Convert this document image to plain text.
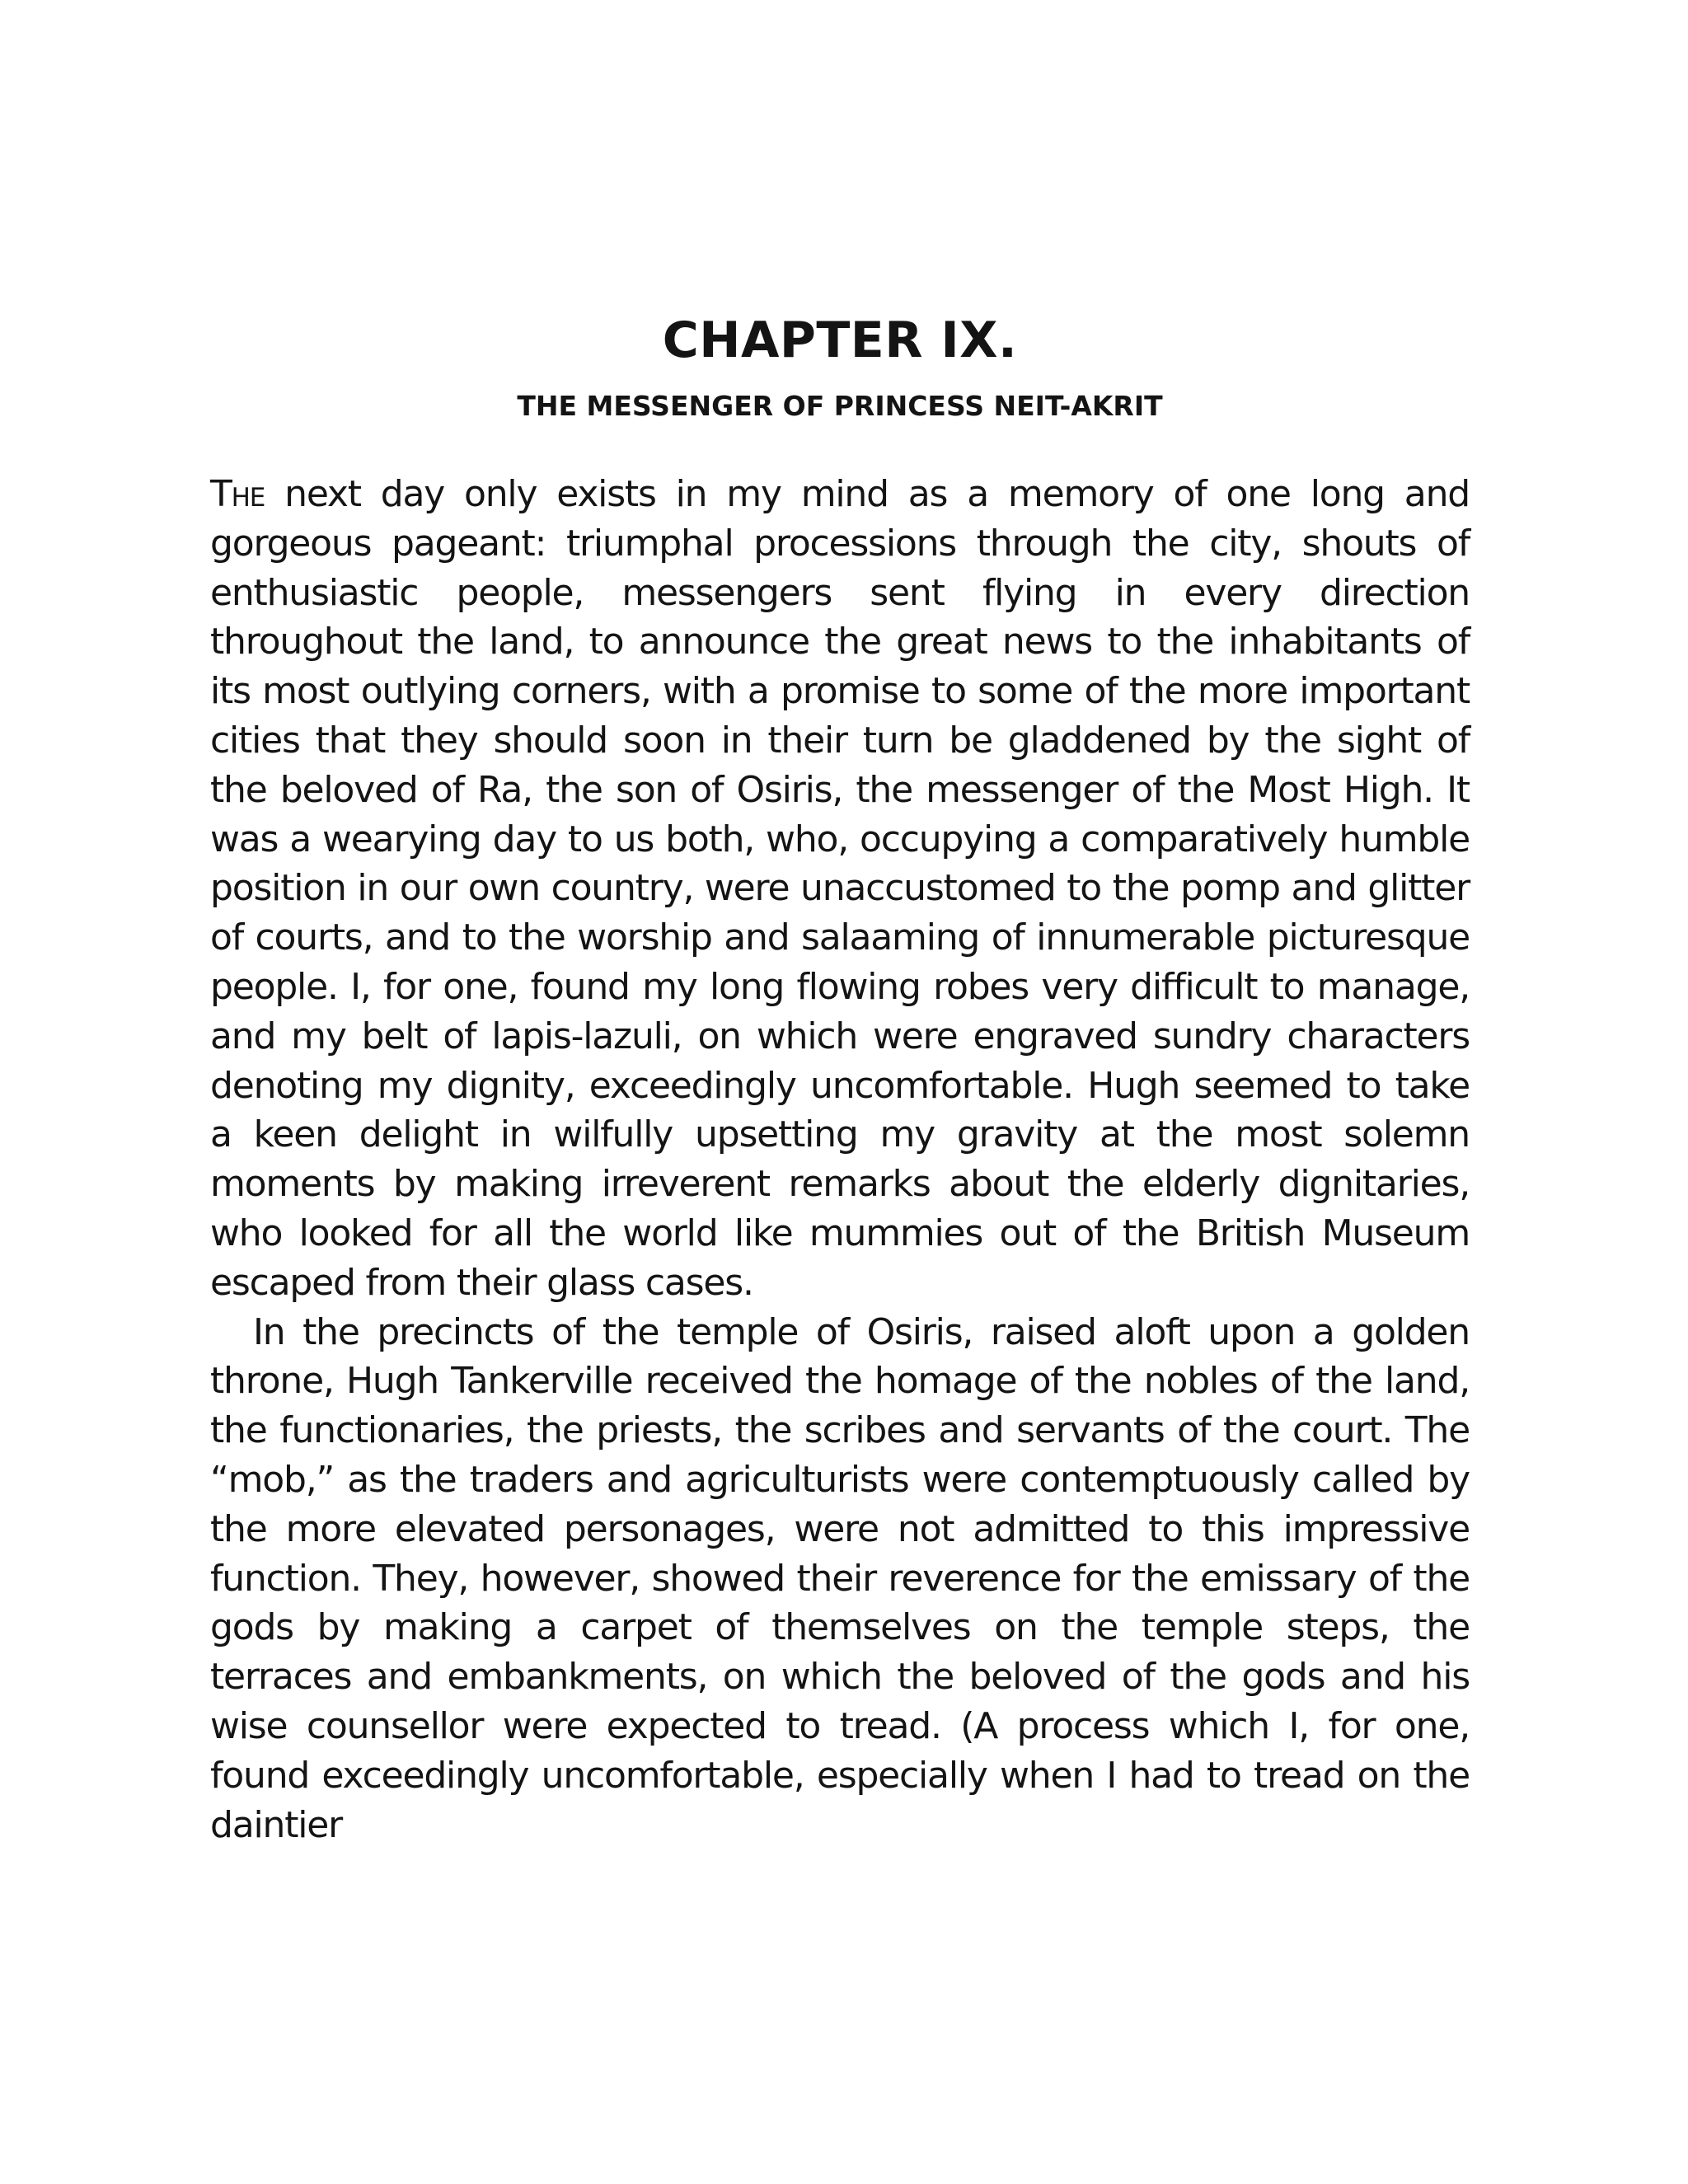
CHAPTER IX.
THE MESSENGER OF PRINCESS NEIT-AKRIT

The next day only exists in my mind as a memory of one long and gorgeous pageant: triumphal processions through the city, shouts of enthusiastic people, messengers sent flying in every direction throughout the land, to announce the great news to the inhabitants of its most outlying corners, with a promise to some of the more important cities that they should soon in their turn be gladdened by the sight of the beloved of Ra, the son of Osiris, the messenger of the Most High. It was a wearying day to us both, who, occupying a comparatively humble position in our own country, were unaccustomed to the pomp and glitter of courts, and to the worship and salaaming of innumerable picturesque people. I, for one, found my long flowing robes very difficult to manage, and my belt of lapis-lazuli, on which were engraved sundry characters denoting my dignity, exceedingly uncomfortable. Hugh seemed to take a keen delight in wilfully upsetting my gravity at the most solemn moments by making irreverent remarks about the elderly dignitaries, who looked for all the world like mummies out of the British Museum escaped from their glass cases.

In the precincts of the temple of Osiris, raised aloft upon a golden throne, Hugh Tankerville received the homage of the nobles of the land, the functionaries, the priests, the scribes and servants of the court. The “mob,” as the traders and agriculturists were contemptuously called by the more elevated personages, were not admitted to this impressive function. They, however, showed their reverence for the emissary of the gods by making a carpet of themselves on the temple steps, the terraces and embankments, on which the beloved of the gods and his wise counsellor were expected to tread. (A process which I, for one, found exceedingly uncomfortable, especially when I had to tread on the daintier
